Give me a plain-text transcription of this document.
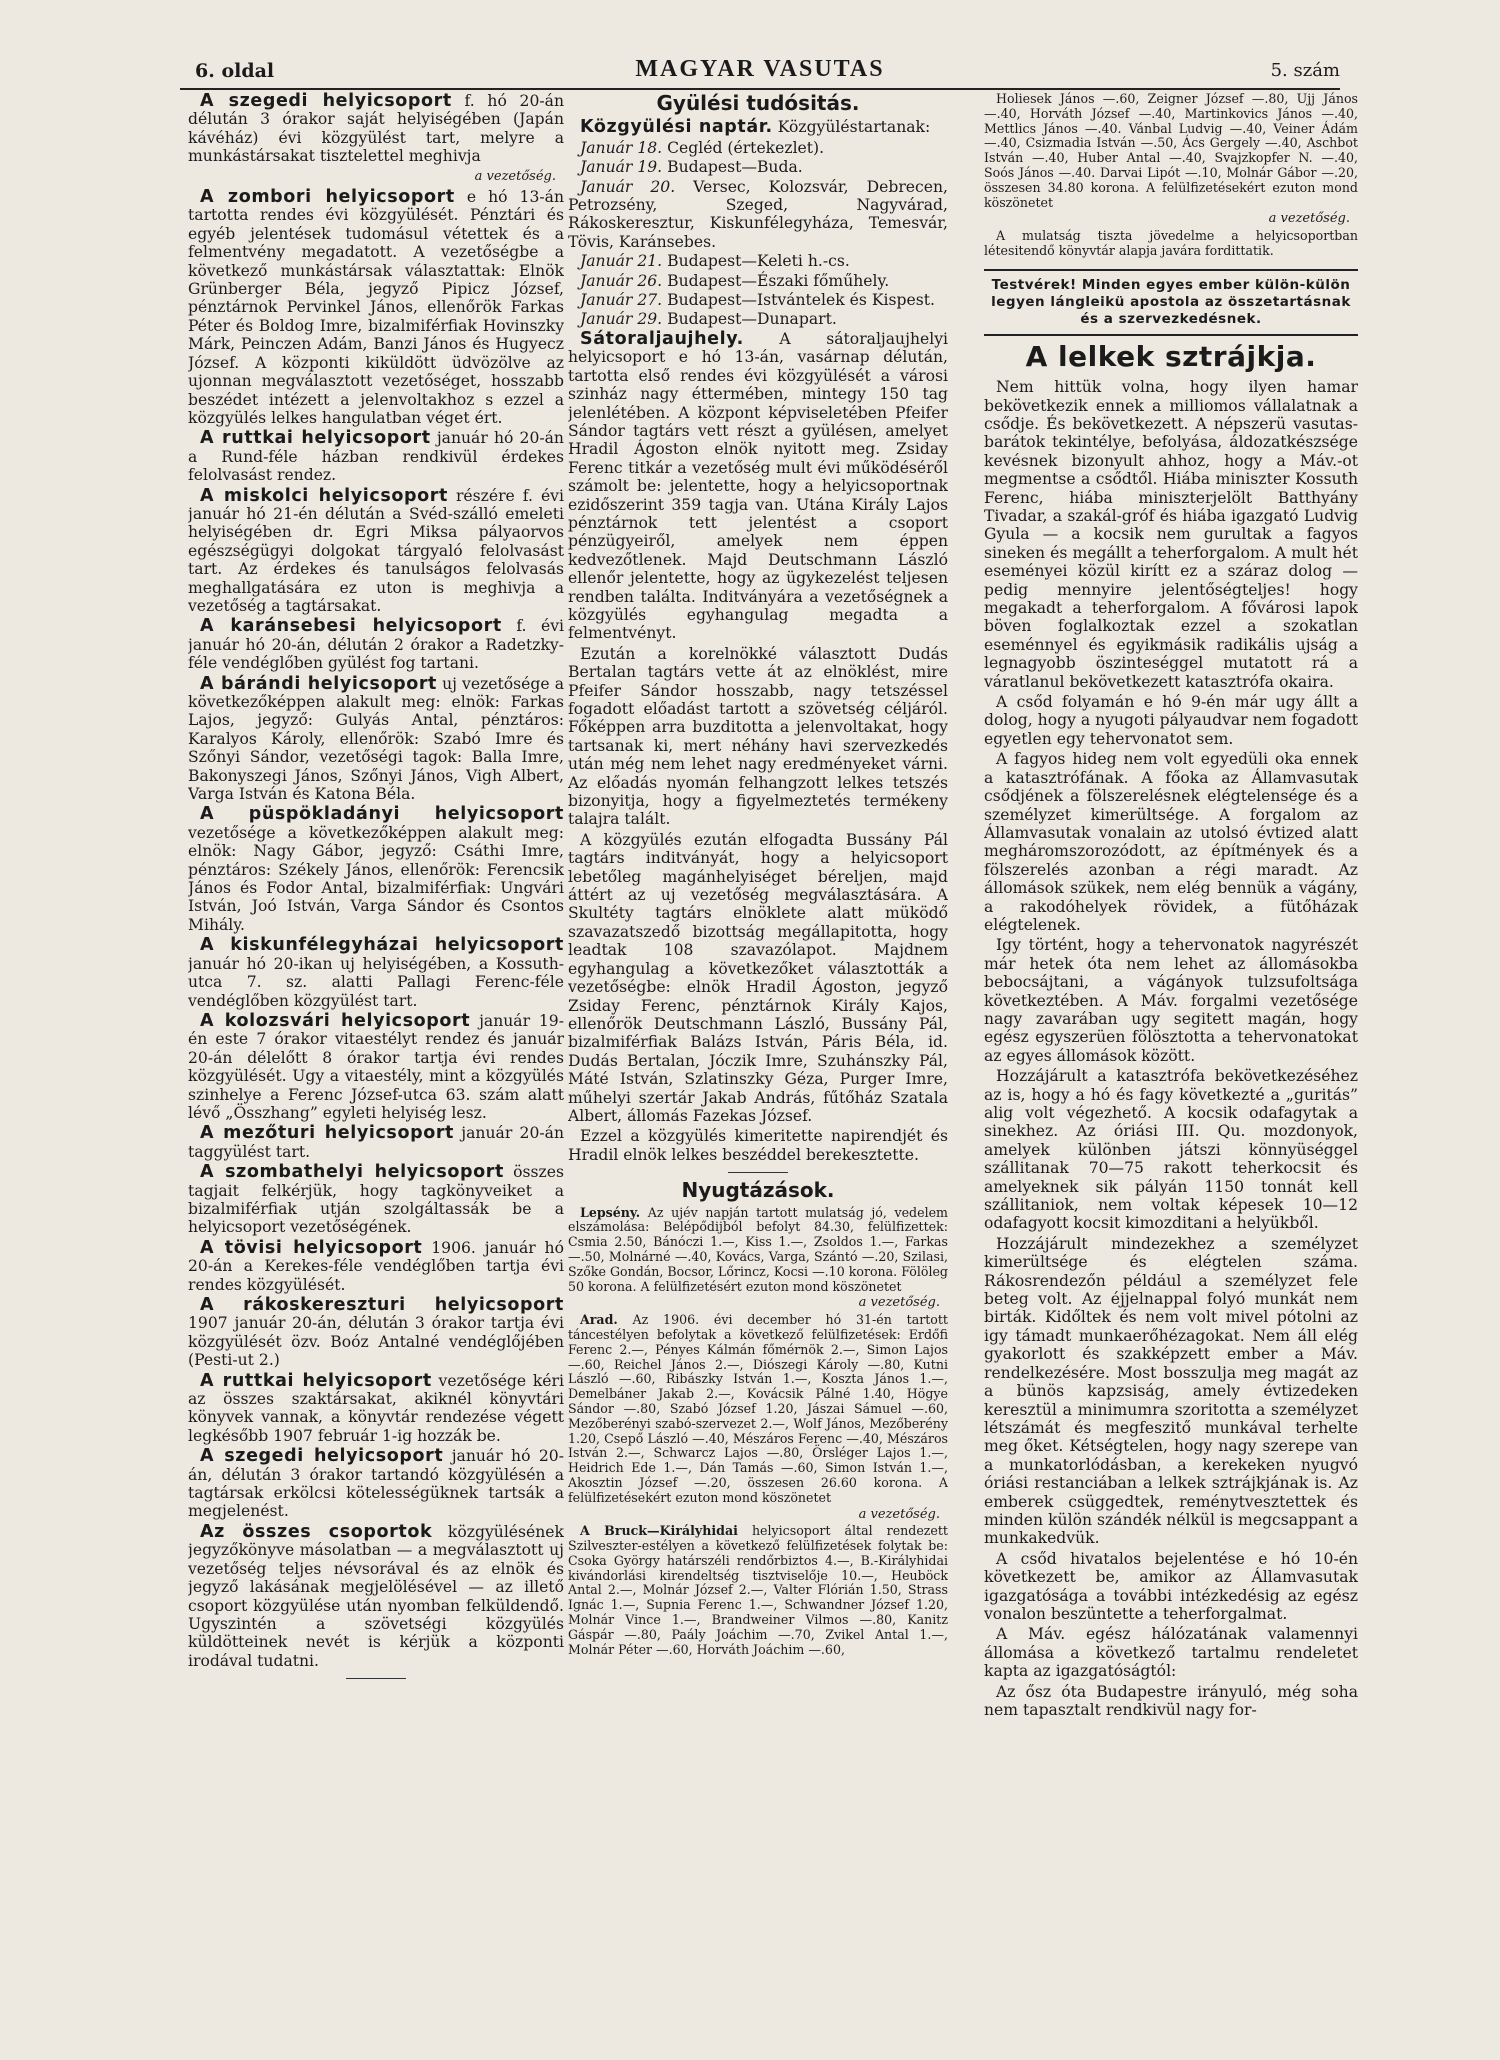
6. oldal	MAGYAR VASUTAS	5. szám

A szegedi helyicsoport f. hó 20-án délután 3 órakor saját helyiségében (Japán kávéház) évi közgyülést tart, melyre a munkástársakat tisztelettel meghivja

a vezetőség.

A zombori helyicsoport e hó 13-án tartotta rendes évi közgyülését. Pénztári és egyéb jelentések tudomásul vétettek és a felmentvény megadatott. A vezetőségbe a következő munkástársak választattak: Elnök Grünberger Béla, jegyző Pipicz József, pénztárnok Pervinkel János, ellenőrök Farkas Péter és Boldog Imre, bizalmiférfiak Hovinszky Márk, Peinczen Adám, Banzi János és Hugyecz József. A központi kiküldött üdvözölve az ujonnan megválasztott vezetőséget, hosszabb beszédet intézett a jelenvoltakhoz s ezzel a közgyülés lelkes hangulatban véget ért.

A ruttkai helyicsoport január hó 20-án a Rund-féle házban rendkivül érdekes felolvasást rendez.

A miskolci helyicsoport részére f. évi január hó 21-én délután a Svéd-szálló emeleti helyiségében dr. Egri Miksa pályaorvos egészségügyi dolgokat tárgyaló felolvasást tart. Az érdekes és tanulságos felolvasás meghallgatására ez uton is meghivja a vezetőség a tagtársakat.

A karánsebesi helyicsoport f. évi január hó 20-án, délután 2 órakor a Radetzky-féle vendéglőben gyülést fog tartani.

A bárándi helyicsoport uj vezetősége a következőképpen alakult meg: elnök: Farkas Lajos, jegyző: Gulyás Antal, pénztáros: Karalyos Károly, ellenőrök: Szabó Imre és Szőnyi Sándor, vezetőségi tagok: Balla Imre, Bakonyszegi János, Szőnyi János, Vigh Albert, Varga István és Katona Béla.

A püspökladányi helyicsoport vezetősége a következőképpen alakult meg: elnök: Nagy Gábor, jegyző: Csáthi Imre, pénztáros: Székely János, ellenőrök: Ferencsik János és Fodor Antal, bizalmiférfiak: Ungvári István, Joó István, Varga Sándor és Csontos Mihály.

A kiskunfélegyházai helyicsoport január hó 20-ikan uj helyiségében, a Kossuth-utca 7. sz. alatti Pallagi Ferenc-féle vendéglőben közgyülést tart.

A kolozsvári helyicsoport január 19-én este 7 órakor vitaestélyt rendez és január 20-án délelőtt 8 órakor tartja évi rendes közgyülését. Ugy a vitaestély, mint a közgyülés szinhelye a Ferenc József-utca 63. szám alatt lévő „Összhang” egyleti helyiség lesz.

A mezőturi helyicsoport január 20-án taggyülést tart.

A szombathelyi helyicsoport összes tagjait felkérjük, hogy tagkönyveiket a bizalmiférfiak utján szolgáltassák be a helyicsoport vezetőségének.

A tövisi helyicsoport 1906. január hó 20-án a Kerekes-féle vendéglőben tartja évi rendes közgyülését.

A rákoskereszturi helyicsoport 1907 január 20-án, délután 3 órakor tartja évi közgyülését özv. Boóz Antalné vendéglőjében (Pesti-ut 2.)

A ruttkai helyicsoport vezetősége kéri az összes szaktársakat, akiknél könyvtári könyvek vannak, a könyvtár rendezése végett legkésőbb 1907 február 1-ig hozzák be.

A szegedi helyicsoport január hó 20-án, délután 3 órakor tartandó közgyülésén a tagtársak erkölcsi kötelességüknek tartsák a megjelenést.

Az összes csoportok közgyülésének jegyzőkönyve másolatban — a megválasztott uj vezetőség teljes névsorával és az elnök és jegyző lakásának megjelölésével — az illető csoport közgyülése után nyomban felküldendő. Ugyszintén a szövetségi közgyülés küldötteinek nevét is kérjük a központi irodával tudatni.

Gyülési tudósitás.

Közgyülési naptár. Közgyüléstartanak:

Január 18. Cegléd (értekezlet).

Január 19. Budapest—Buda.

Január 20. Versec, Kolozsvár, Debrecen, Petrozsény, Szeged, Nagyvárad, Rákoskeresztur, Kiskunfélegyháza, Temesvár, Tövis, Karánsebes.

Január 21. Budapest—Keleti h.-cs.

Január 26. Budapest—Északi főműhely.

Január 27. Budapest—Istvántelek és Kispest.

Január 29. Budapest—Dunapart.

Sátoraljaujhely. A sátoraljaujhelyi helyicsoport e hó 13-án, vasárnap délután, tartotta első rendes évi közgyülését a városi szinház nagy éttermében, mintegy 150 tag jelenlétében. A központ képviseletében Pfeifer Sándor tagtárs vett részt a gyülésen, amelyet Hradil Ágoston elnök nyitott meg. Zsiday Ferenc titkár a vezetőség mult évi működéséről számolt be: jelentette, hogy a helyicsoportnak ezidőszerint 359 tagja van. Utána Király Lajos pénztárnok tett jelentést a csoport pénzügyeiről, amelyek nem éppen kedvezőtlenek. Majd Deutschmann László ellenőr jelentette, hogy az ügykezelést teljesen rendben találta. Inditványára a vezetőségnek a közgyülés egyhangulag megadta a felmentvényt.

Ezután a korelnökké választott Dudás Bertalan tagtárs vette át az elnöklést, mire Pfeifer Sándor hosszabb, nagy tetszéssel fogadott előadást tartott a szövetség céljáról. Főképpen arra buzditotta a jelenvoltakat, hogy tartsanak ki, mert néhány havi szervezkedés után még nem lehet nagy eredményeket várni. Az előadás nyomán felhangzott lelkes tetszés bizonyitja, hogy a figyelmeztetés termékeny talajra talált.

A közgyülés ezután elfogadta Bussány Pál tagtárs inditványát, hogy a helyicsoport lebetőleg magánhelyiséget béreljen, majd áttért az uj vezetőség megválasztására. A Skultéty tagtárs elnöklete alatt müködő szavazatszedő bizottság megállapitotta, hogy leadtak 108 szavazólapot. Majdnem egyhangulag a következőket választották a vezetőségbe: elnök Hradil Ágoston, jegyző Zsiday Ferenc, pénztárnok Király Kajos, ellenőrök Deutschmann László, Bussány Pál, bizalmiférfiak Balázs István, Páris Béla, id. Dudás Bertalan, Jóczik Imre, Szuhánszky Pál, Máté István, Szlatinszky Géza, Purger Imre, műhelyi szertár Jakab András, fűtőház Szatala Albert, állomás Fazekas József.

Ezzel a közgyülés kimeritette napirendjét és Hradil elnök lelkes beszéddel berekesztette.

Nyugtázások.

Lepsény. Az ujév napján tartott mulatság jó, vedelem elszámolása: Belépődijból befolyt 84.30, felülfizettek: Csmia 2.50, Bánóczi 1.—, Kiss 1.—, Zsoldos 1.—, Farkas —.50, Molnárné —.40, Kovács, Varga, Szántó —.20, Szilasi, Szőke Gondán, Bocsor, Lőrincz, Kocsi —.10 korona. Fölöleg 50 korona. A felülfizetésért ezuton mond köszönetet

a vezetőség.

Arad. Az 1906. évi december hó 31-én tartott táncestélyen befolytak a következő felülfizetések: Erdőfi Ferenc 2.—, Pényes Kálmán főmérnök 2.—, Simon Lajos —.60, Reichel János 2.—, Diószegi Károly —.80, Kutni László —.60, Ribászky István 1.—, Koszta János 1.—, Demelbáner Jakab 2.—, Kovácsik Pálné 1.40, Högye Sándor —.80, Szabó József 1.20, Jászai Sámuel —.60, Mezőberényi szabó-szervezet 2.—, Wolf János, Mezőberény 1.20, Csepő László —.40, Mészáros Ferenc —.40, Mészáros István 2.—, Schwarcz Lajos —.80, Örsléger Lajos 1.—, Heidrich Ede 1.—, Dán Tamás —.60, Simon István 1.—, Akosztin József —.20, összesen 26.60 korona. A felülfizetésekért ezuton mond köszönetet

a vezetőség.

A Bruck—Királyhidai helyicsoport által rendezett Szilveszter-estélyen a következő felülfizetések folytak be: Csoka György határszéli rendőrbiztos 4.—, B.-Királyhidai kivándorlási kirendeltség tisztviselője 10.—, Heuböck Antal 2.—, Molnár József 2.—, Valter Flórián 1.50, Strass Ignác 1.—, Supnia Ferenc 1.—, Schwandner József 1.20, Molnár Vince 1.—, Brandweiner Vilmos —.80, Kanitz Gáspár —.80, Paály Joáchim —.70, Zvikel Antal 1.—, Molnár Péter —.60, Horváth Joáchim —.60,

Holiesek János —.60, Zeigner József —.80, Ujj János —.40, Horváth József —.40, Martinkovics János —.40, Mettlics János —.40. Vánbal Ludvig —.40, Veiner Ádám —.40, Csizmadia István —.50, Ács Gergely —.40, Aschbot István —.40, Huber Antal —.40, Svajzkopfer N. —.40, Soós János —.40. Darvai Lipót —.10, Molnár Gábor —.20, összesen 34.80 korona. A felülfizetésekért ezuton mond köszönetet

a vezetőség.

A mulatság tiszta jövedelme a helyicsoportban létesitendő könyvtár alapja javára fordittatik.

Testvérek! Minden egyes ember külön-külön legyen lángleikü apostola az összetartásnak és a szervezkedésnek.
A lelkek sztrájkja.

Nem hittük volna, hogy ilyen hamar bekövetkezik ennek a milliomos vállalatnak a csődje. És bekövetkezett. A népszerü vasutas-barátok tekintélye, befolyása, áldozatkészsége kevésnek bizonyult ahhoz, hogy a Máv.-ot megmentse a csődtől. Hiába miniszter Kossuth Ferenc, hiába miniszterjelölt Batthyány Tivadar, a szakál-gróf és hiába igazgató Ludvig Gyula — a kocsik nem gurultak a fagyos sineken és megállt a teherforgalom. A mult hét eseményei közül kirítt ez a száraz dolog — pedig mennyire jelentőségteljes! hogy megakadt a teherforgalom. A fővárosi lapok böven foglalkoztak ezzel a szokatlan eseménnyel és egyikmásik radikális ujság a legnagyobb öszinteséggel mutatott rá a váratlanul bekövetkezett katasztrófa okaira.

A csőd folyamán e hó 9-én már ugy állt a dolog, hogy a nyugoti pályaudvar nem fogadott egyetlen egy tehervonatot sem.

A fagyos hideg nem volt egyedüli oka ennek a katasztrófának. A főoka az Államvasutak csődjének a fölszerelésnek elégtelensége és a személyzet kimerültsége. A forgalom az Államvasutak vonalain az utolsó évtized alatt megháromszorozódott, az építmények és a fölszerelés azonban a régi maradt. Az állomások szükek, nem elég bennük a vágány, a rakodóhelyek rövidek, a fütőházak elégtelenek.

Igy történt, hogy a tehervonatok nagyrészét már hetek óta nem lehet az állomásokba bebocsájtani, a vágányok tulzsufoltsága következtében. A Máv. forgalmi vezetősége nagy zavarában ugy segitett magán, hogy egész egyszerüen fölösztotta a tehervonatokat az egyes állomások között.

Hozzájárult a katasztrófa bekövetkezéséhez az is, hogy a hó és fagy következté a „guritás” alig volt végezhető. A kocsik odafagytak a sinekhez. Az óriási III. Qu. mozdonyok, amelyek különben játszi könnyüséggel szállitanak 70—75 rakott teherkocsit és amelyeknek sik pályán 1150 tonnát kell szállitaniok, nem voltak képesek 10—12 odafagyott kocsit kimozditani a helyükből.

Hozzájárult mindezekhez a személyzet kimerültsége és elégtelen száma. Rákosrendezőn például a személyzet fele beteg volt. Az éjjelnappal folyó munkát nem birták. Kidőltek és nem volt mivel pótolni az igy támadt munkaerőhézagokat. Nem áll elég gyakorlott és szakképzett ember a Máv. rendelkezésére. Most bosszulja meg magát az a bünös kapzsiság, amely évtizedeken keresztül a minimumra szoritotta a személyzet létszámát és megfeszitő munkával terhelte meg őket. Kétségtelen, hogy nagy szerepe van a munkatorlódásban, a kerekeken nyugvó óriási restanciában a lelkek sztrájkjának is. Az emberek csüggedtek, reménytvesztettek és minden külön szándék nélkül is megcsappant a munkakedvük.

A csőd hivatalos bejelentése e hó 10-én következett be, amikor az Államvasutak igazgatósága a további intézkedésig az egész vonalon beszüntette a teherforgalmat.

A Máv. egész hálózatának valamennyi állomása a következő tartalmu rendeletet kapta az igazgatóságtól:

Az ősz óta Budapestre irányuló, még soha nem tapasztalt rendkivül nagy for-
